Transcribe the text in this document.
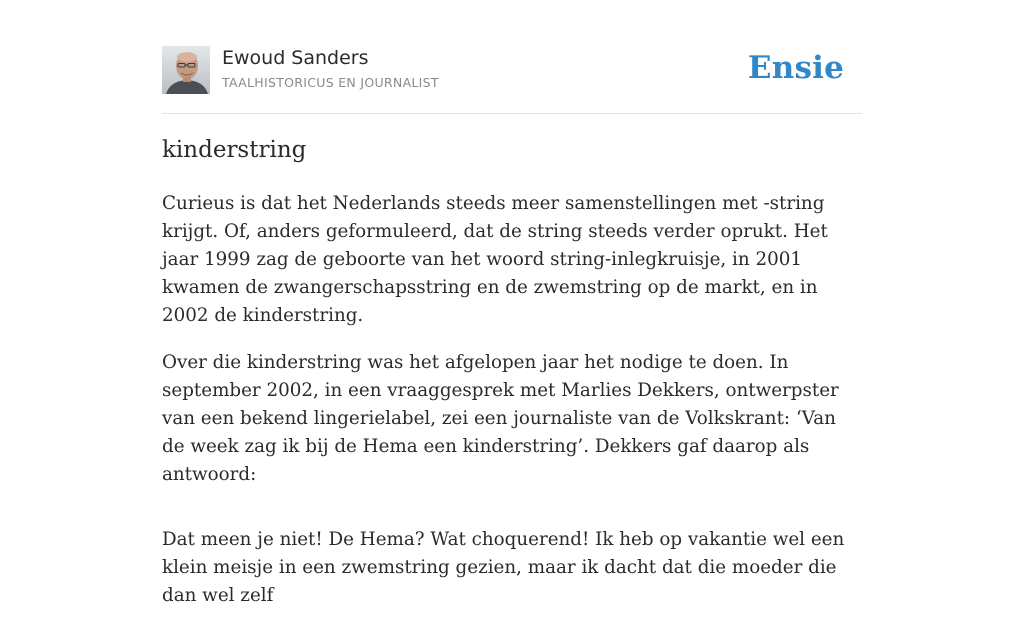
Ewoud Sanders
TAALHISTORICUS EN JOURNALIST	Ensie
kinderstring

Curieus is dat het Nederlands steeds meer samenstellingen met -string krijgt. Of, anders geformuleerd, dat de string steeds verder oprukt. Het jaar 1999 zag de geboorte van het woord string-inlegkruisje, in 2001 kwamen de zwangerschapsstring en de zwemstring op de markt, en in 2002 de kinderstring.

Over die kinderstring was het afgelopen jaar het nodige te doen. In september 2002, in een vraaggesprek met Marlies Dekkers, ontwerpster van een bekend lingerielabel, zei een journaliste van de Volkskrant: ‘Van de week zag ik bij de Hema een kinderstring’. Dekkers gaf daarop als antwoord:

Dat meen je niet! De Hema? Wat choquerend! Ik heb op vakantie wel een klein meisje in een zwemstring gezien, maar ik dacht dat die moeder die dan wel zelf
